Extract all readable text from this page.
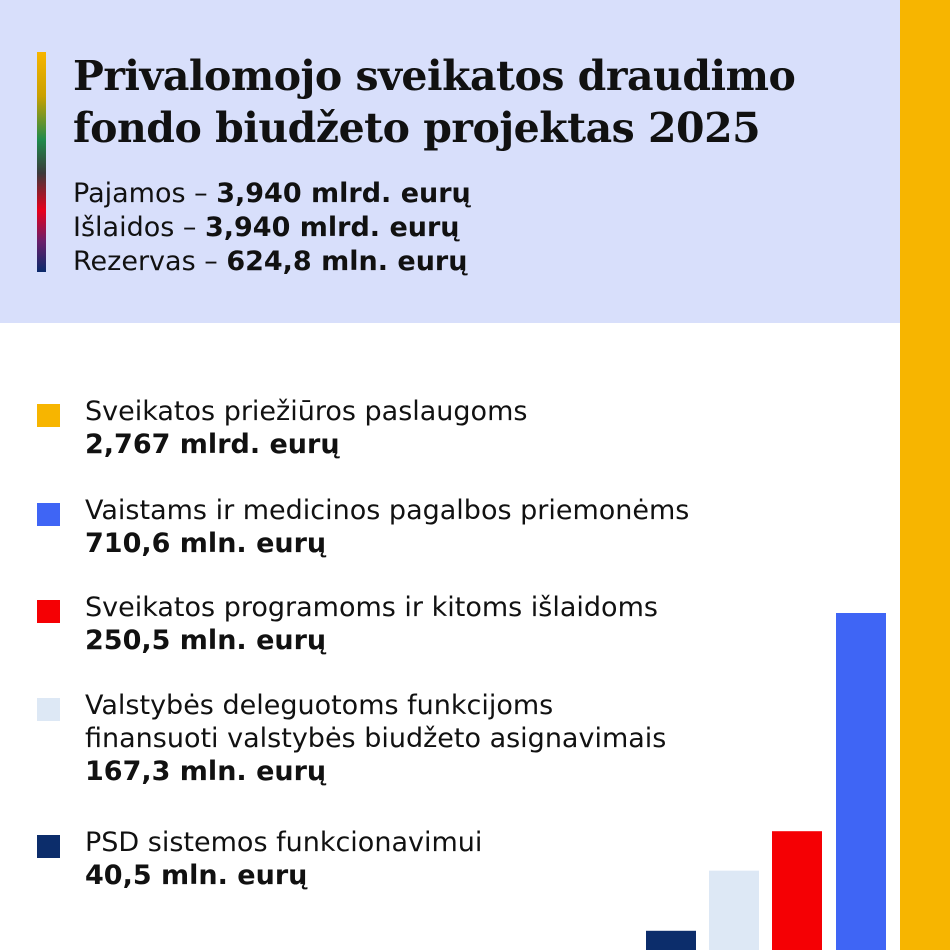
Privalomojo sveikatos draudimo
fondo biudžeto projektas 2025
Pajamos – 3,940 mlrd. eurų
Išlaidos – 3,940 mlrd. eurų
Rezervas – 624,8 mln. eurų
Sveikatos priežiūros paslaugoms
2,767 mlrd. eurų
Vaistams ir medicinos pagalbos priemonėms
710,6 mln. eurų
Sveikatos programoms ir kitoms išlaidoms
250,5 mln. eurų
Valstybės deleguotoms funkcijoms
finansuoti valstybės biudžeto asignavimais
167,3 mln. eurų
PSD sistemos funkcionavimui
40,5 mln. eurų
